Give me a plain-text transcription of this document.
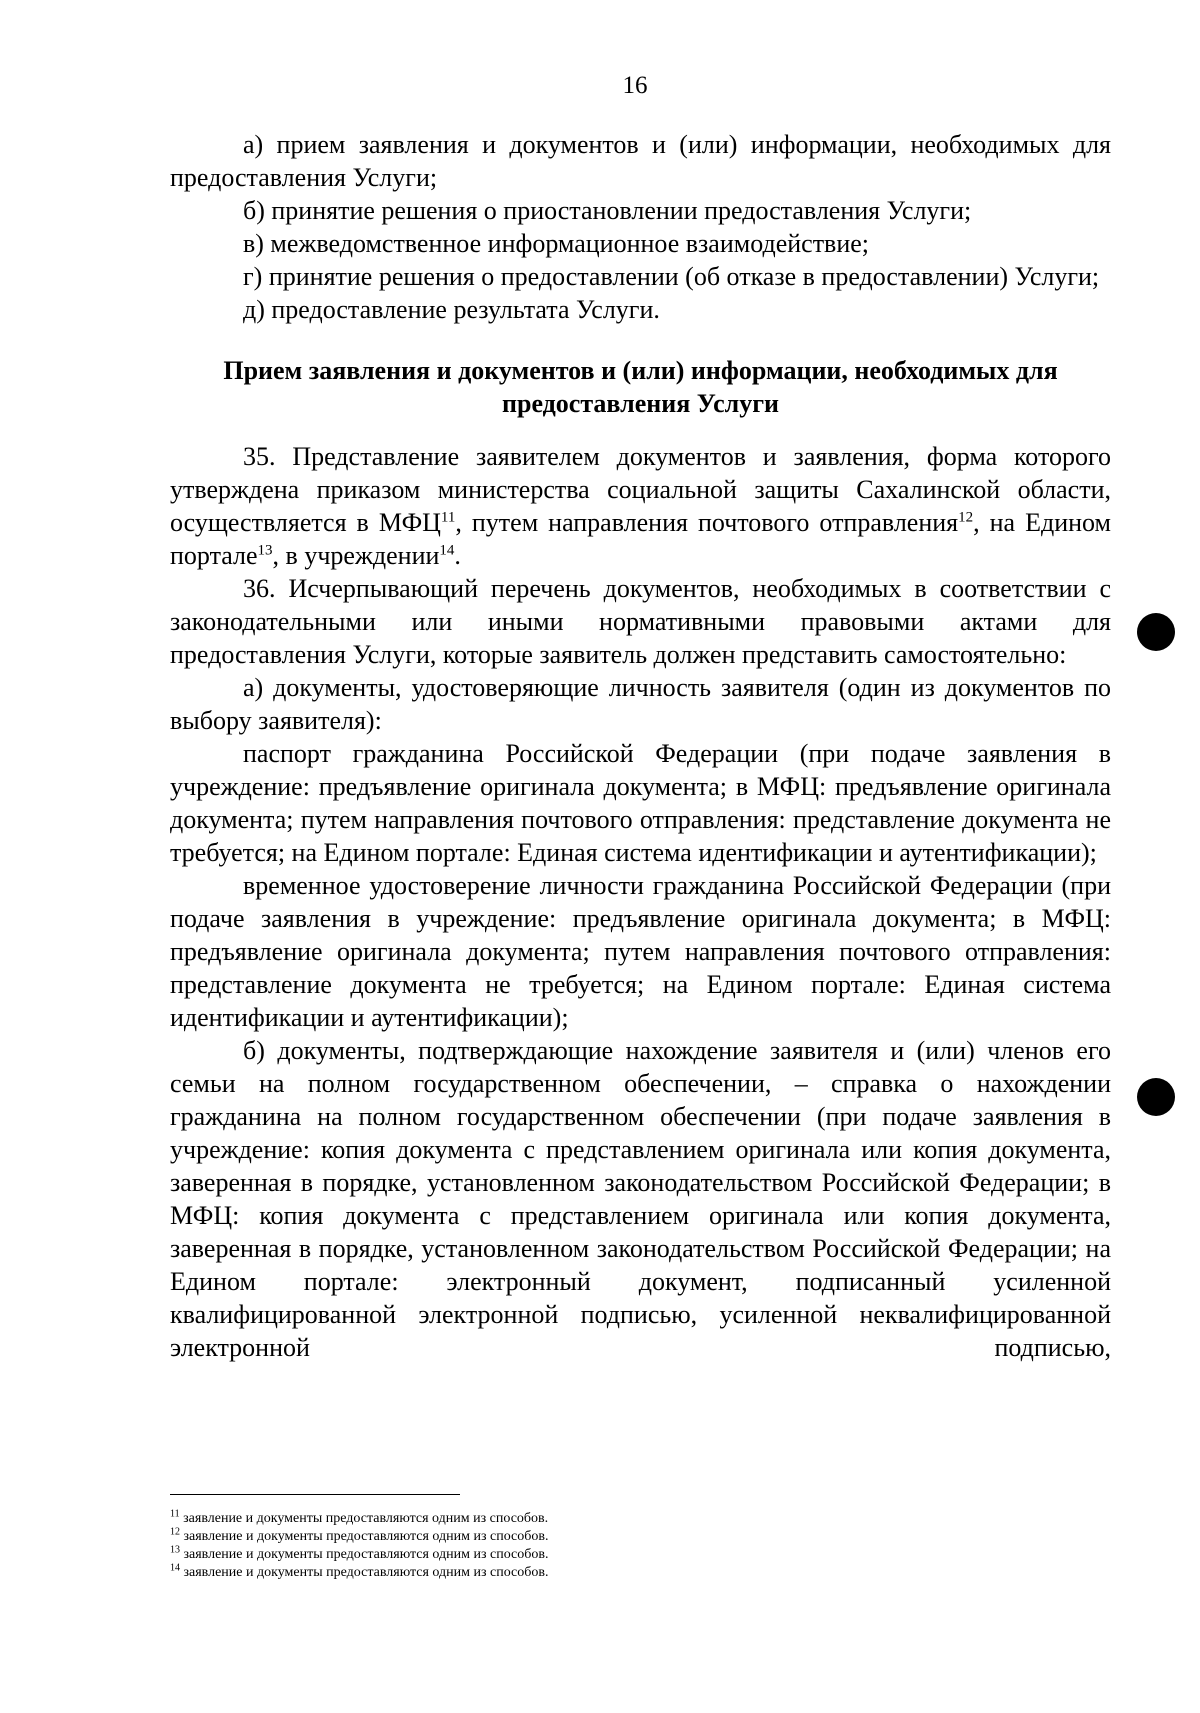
16

а) прием заявления и документов и (или) информации, необходимых для предоставления Услуги;

б) принятие решения о приостановлении предоставления Услуги;

в) межведомственное информационное взаимодействие;

г) принятие решения о предоставлении (об отказе в предоставлении) Услуги;

д) предоставление результата Услуги.

Прием заявления и документов и (или) информации, необходимых для
предоставления Услуги

35. Представление заявителем документов и заявления, форма которого утверждена приказом министерства социальной защиты Сахалинской области, осуществляется в МФЦ$^{11}$, путем направления почтового отправления$^{12}$, на Едином портале$^{13}$, в учреждении$^{14}$.

36. Исчерпывающий перечень документов, необходимых в соответствии с законодательными или иными нормативными правовыми актами для предоставления Услуги, которые заявитель должен представить самостоятельно:

а) документы, удостоверяющие личность заявителя (один из документов по выбору заявителя):

паспорт гражданина Российской Федерации (при подаче заявления в учреждение: предъявление оригинала документа; в МФЦ: предъявление оригинала документа; путем направления почтового отправления: представление документа не требуется; на Едином портале: Единая система идентификации и аутентификации);

временное удостоверение личности гражданина Российской Федерации (при подаче заявления в учреждение: предъявление оригинала документа; в МФЦ: предъявление оригинала документа; путем направления почтового отправления: представление документа не требуется; на Едином портале: Единая система идентификации и аутентификации);

б) документы, подтверждающие нахождение заявителя и (или) членов его семьи на полном государственном обеспечении, – справка о нахождении гражданина на полном государственном обеспечении (при подаче заявления в учреждение: копия документа с представлением оригинала или копия документа, заверенная в порядке, установленном законодательством Российской Федерации; в МФЦ: копия документа с представлением оригинала или копия документа, заверенная в порядке, установленном законодательством Российской Федерации; на Едином портале: электронный документ, подписанный усиленной квалифицированной электронной подписью, усиленной неквалифицированной электронной подписью,

$^{11}$ заявление и документы предоставляются одним из способов.

$^{12}$ заявление и документы предоставляются одним из способов.

$^{13}$ заявление и документы предоставляются одним из способов.

$^{14}$ заявление и документы предоставляются одним из способов.
